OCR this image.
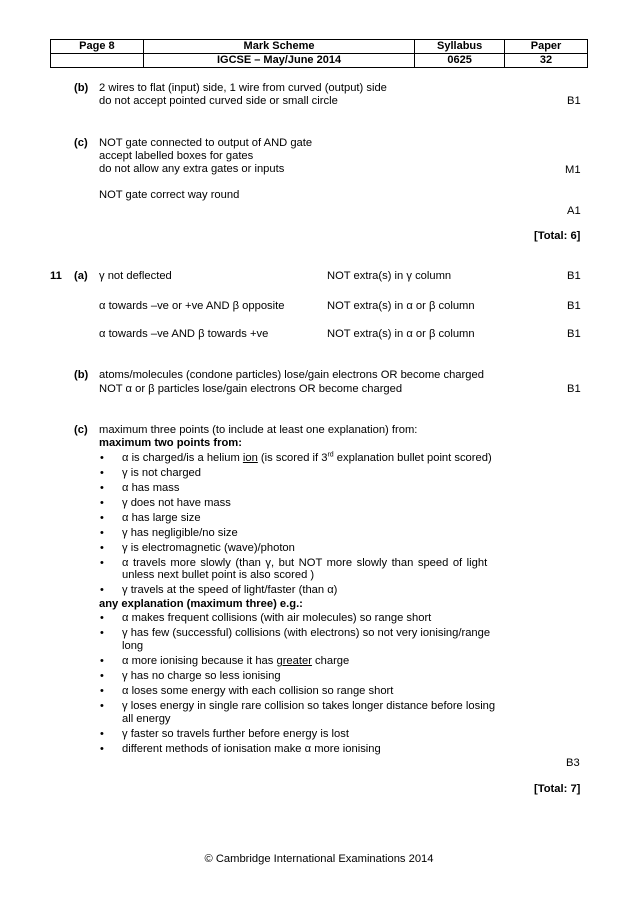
Page 8	Mark Scheme	Syllabus	Paper
	IGCSE – May/June 2014	0625	32
(b) 2 wires to flat (input) side, 1 wire from curved (output) side
do not accept pointed curved side or small circle	B1
(c) NOT gate connected to output of AND gate
accept labelled boxes for gates
do not allow any extra gates or inputs	M1
NOT gate correct way round
A1
[Total: 6]
11 (a) γ not deflected	NOT extra(s) in γ column	B1
α towards –ve or +ve AND β opposite	NOT extra(s) in α or β column	B1
α towards –ve AND β towards +ve	NOT extra(s) in α or β column	B1
(b) atoms/molecules (condone particles) lose/gain electrons OR become charged
NOT α or β particles lose/gain electrons OR become charged	B1
(c) maximum three points (to include at least one explanation) from:
maximum two points from:
• α is charged/is a helium ion (is scored if 3rd explanation bullet point scored)
• γ is not charged
• α has mass
• γ does not have mass
• α has large size
• γ has negligible/no size
• γ is electromagnetic (wave)/photon
• α travels more slowly (than γ, but NOT more slowly than speed of light
unless next bullet point is also scored )
• γ travels at the speed of light/faster (than α)
any explanation (maximum three) e.g.:
• α makes frequent collisions (with air molecules) so range short
• γ has few (successful) collisions (with electrons) so not very ionising/range
long
• α more ionising because it has greater charge
• γ has no charge so less ionising
• α loses some energy with each collision so range short
• γ loses energy in single rare collision so takes longer distance before losing
all energy
• γ faster so travels further before energy is lost
• different methods of ionisation make α more ionising
B3
[Total: 7]
© Cambridge International Examinations 2014
